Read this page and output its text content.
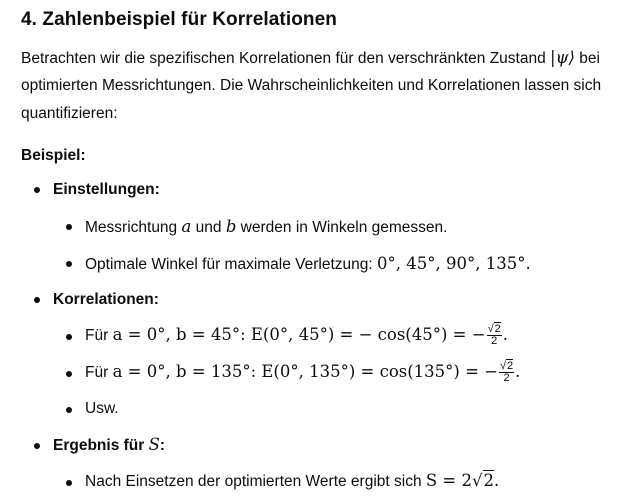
4. Zahlenbeispiel für Korrelationen
Betrachten wir die spezifischen Korrelationen für den verschränkten Zustand |ψ⟩ bei
optimierten Messrichtungen. Die Wahrscheinlichkeiten und Korrelationen lassen sich
quantifizieren:
Beispiel:
Einstellungen:
Messrichtung a und b werden in Winkeln gemessen.
Optimale Winkel für maximale Verletzung: 0°, 45°, 90°, 135°.
Korrelationen:
Für a = 0°, b = 45°: E(0°, 45°) = − cos(45°) = − $\frac{√2}{2}$ .
Für a = 0°, b = 135°: E(0°, 135°) = cos(135°) = − $\frac{√2}{2}$ .
Usw.
Ergebnis für S:
Nach Einsetzen der optimierten Werte ergibt sich S = 2√2.
